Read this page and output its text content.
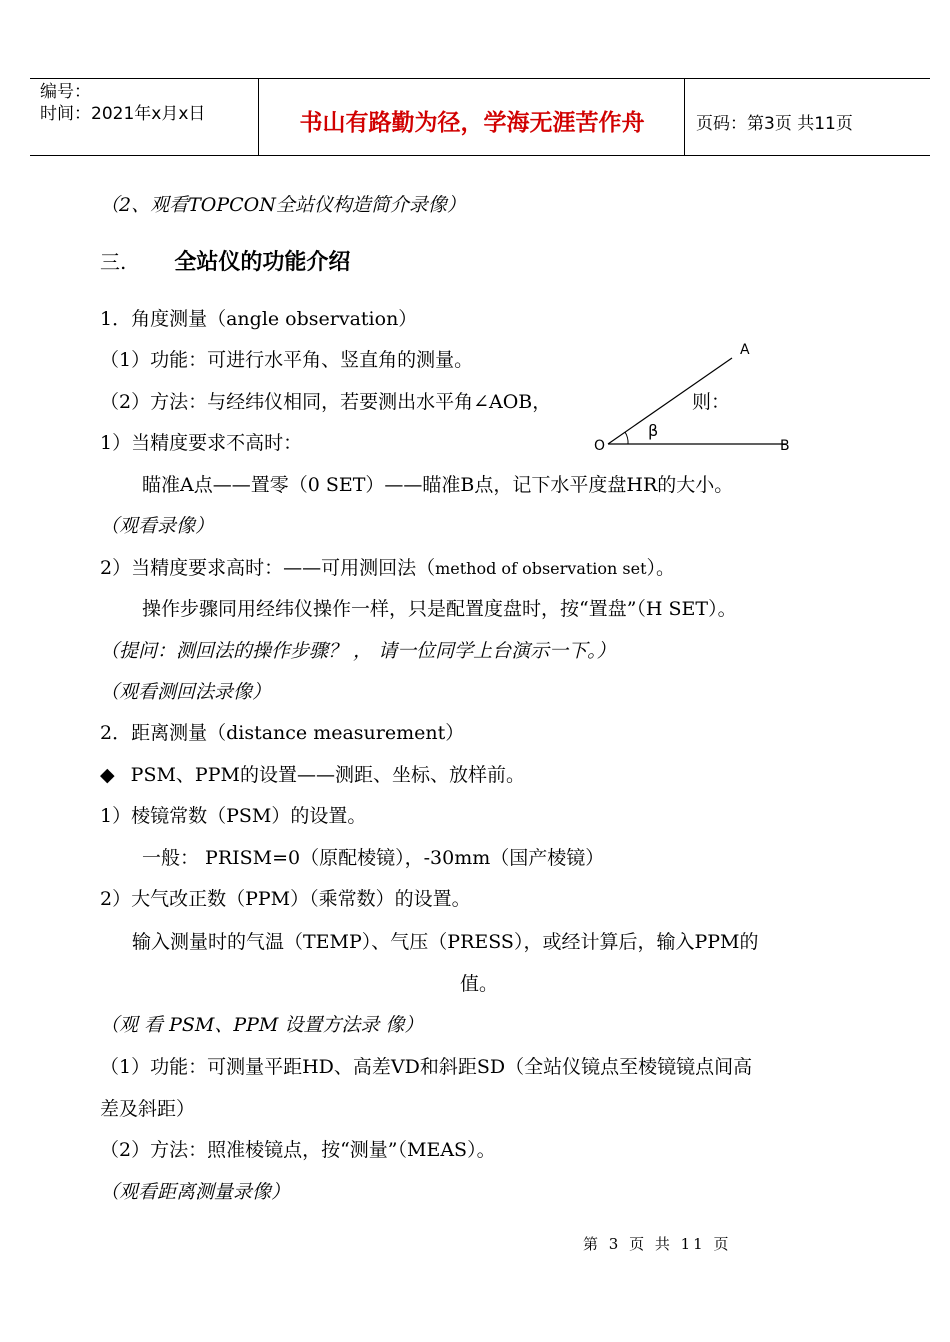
编号：
时间：2021年x月x日	书山有路勤为径，学海无涯苦作舟	页码：第3页 共11页
（2、观看TOPCON全站仪构造简介录像）
三. 全站仪的功能介绍
1．角度测量（angle observation）
（1）功能：可进行水平角、竖直角的测量。
（2）方法：与经纬仪相同，若要测出水平角∠AOB，	则：
1）当精度要求不高时：
A
O	B
β
瞄准A点——置零（0 SET）——瞄准B点，记下水平度盘HR的大小。
（观看录像）
2）当精度要求高时：——可用测回法（method of observation set）。
操作步骤同用经纬仪操作一样，只是配置度盘时，按“置盘”（H SET）。
（提问：测回法的操作步骤？ ， 请一位同学上台演示一下。）
（观看测回法录像）
2．距离测量（distance measurement）
◆ PSM、PPM的设置——测距、坐标、放样前。
1）棱镜常数（PSM）的设置。
一般： PRISM=0（原配棱镜），-30mm（国产棱镜）
2）大气改正数（PPM）（乘常数）的设置。
输入测量时的气温（TEMP）、气压（PRESS），或经计算后，输入PPM的
值。
（观 看 PSM、PPM 设置方法录 像）
（1）功能：可测量平距HD、高差VD和斜距SD（全站仪镜点至棱镜镜点间高
差及斜距）
（2）方法：照准棱镜点，按“测量”（MEAS）。
（观看距离测量录像）
第 3 页 共 11 页
